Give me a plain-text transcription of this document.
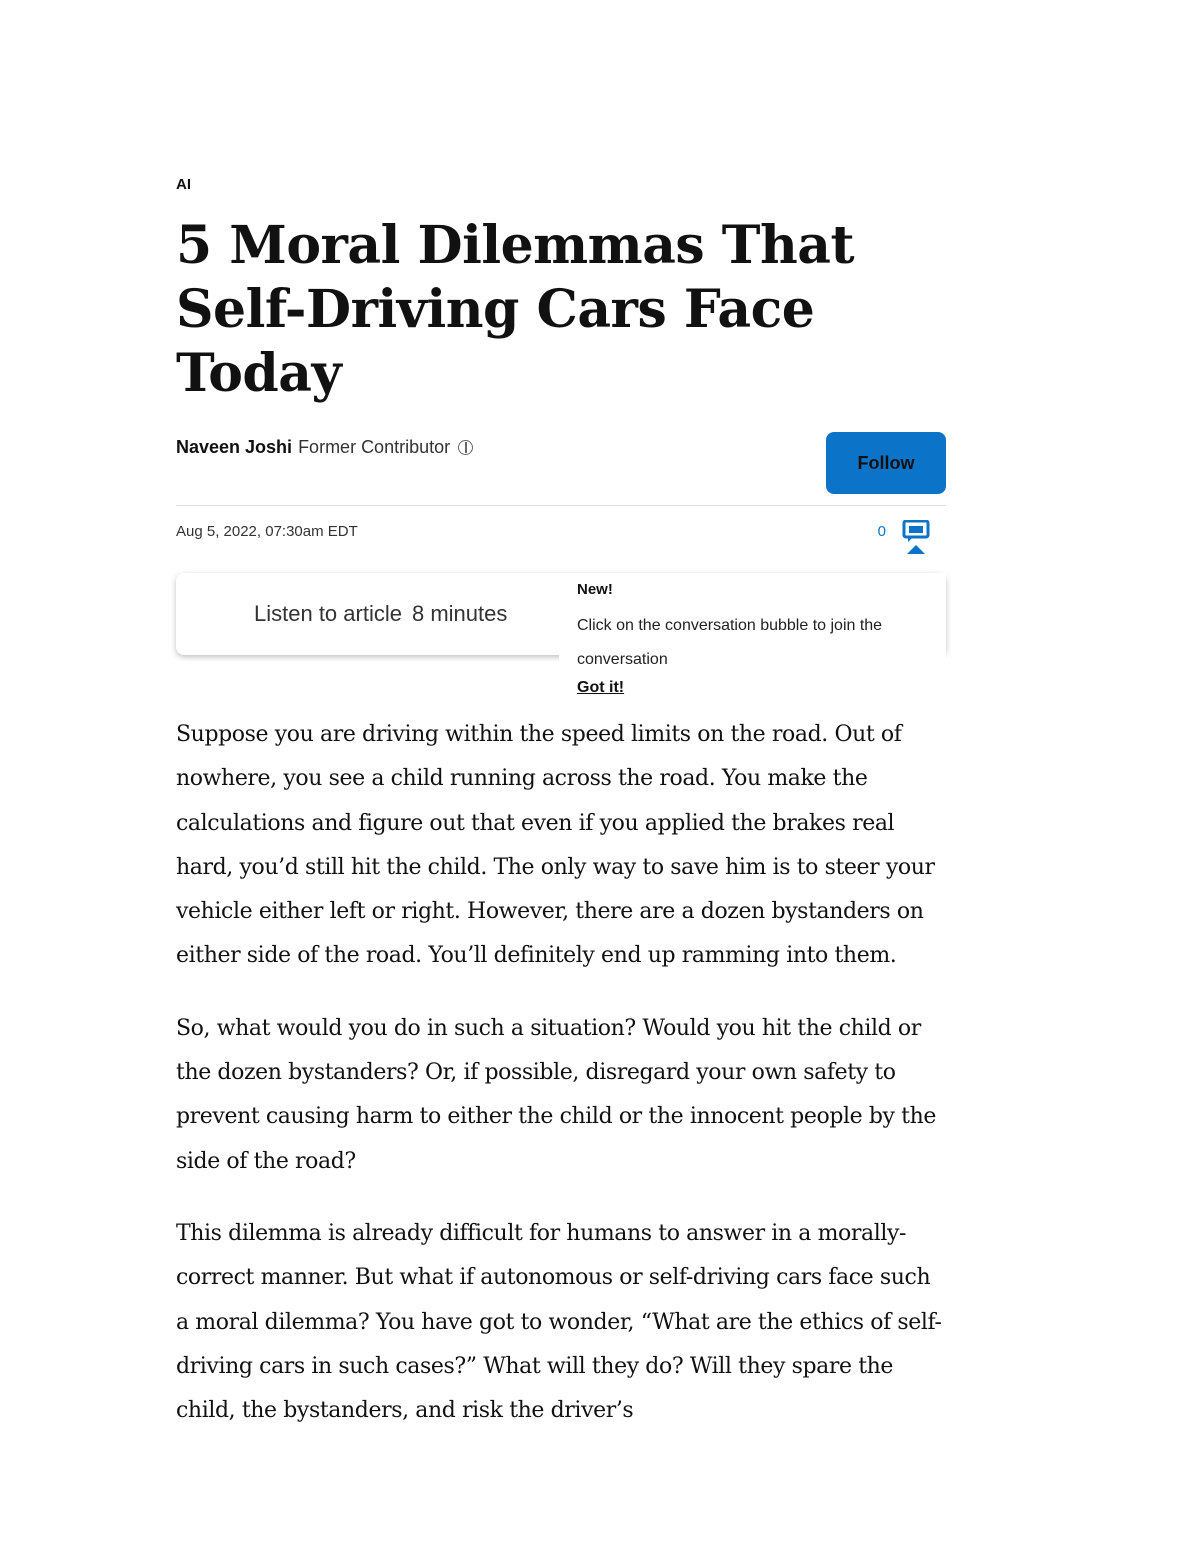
AI
5 Moral Dilemmas That Self-Driving Cars Face Today
Naveen Joshi Former Contributor
Follow
Aug 5, 2022, 07:30am EDT	0
Listen to article 8 minutes
New!

Click on the conversation bubble to join the conversation

Got it!

Suppose you are driving within the speed limits on the road. Out of nowhere, you see a child running across the road. You make the calculations and figure out that even if you applied the brakes real hard, you’d still hit the child. The only way to save him is to steer your vehicle either left or right. However, there are a dozen bystanders on either side of the road. You’ll definitely end up ramming into them.

So, what would you do in such a situation? Would you hit the child or the dozen bystanders? Or, if possible, disregard your own safety to prevent causing harm to either the child or the innocent people by the side of the road?

This dilemma is already difficult for humans to answer in a morally-correct manner. But what if autonomous or self-driving cars face such a moral dilemma? You have got to wonder, “What are the ethics of self-driving cars in such cases?” What will they do? Will they spare the child, the bystanders, and risk the driver’s
